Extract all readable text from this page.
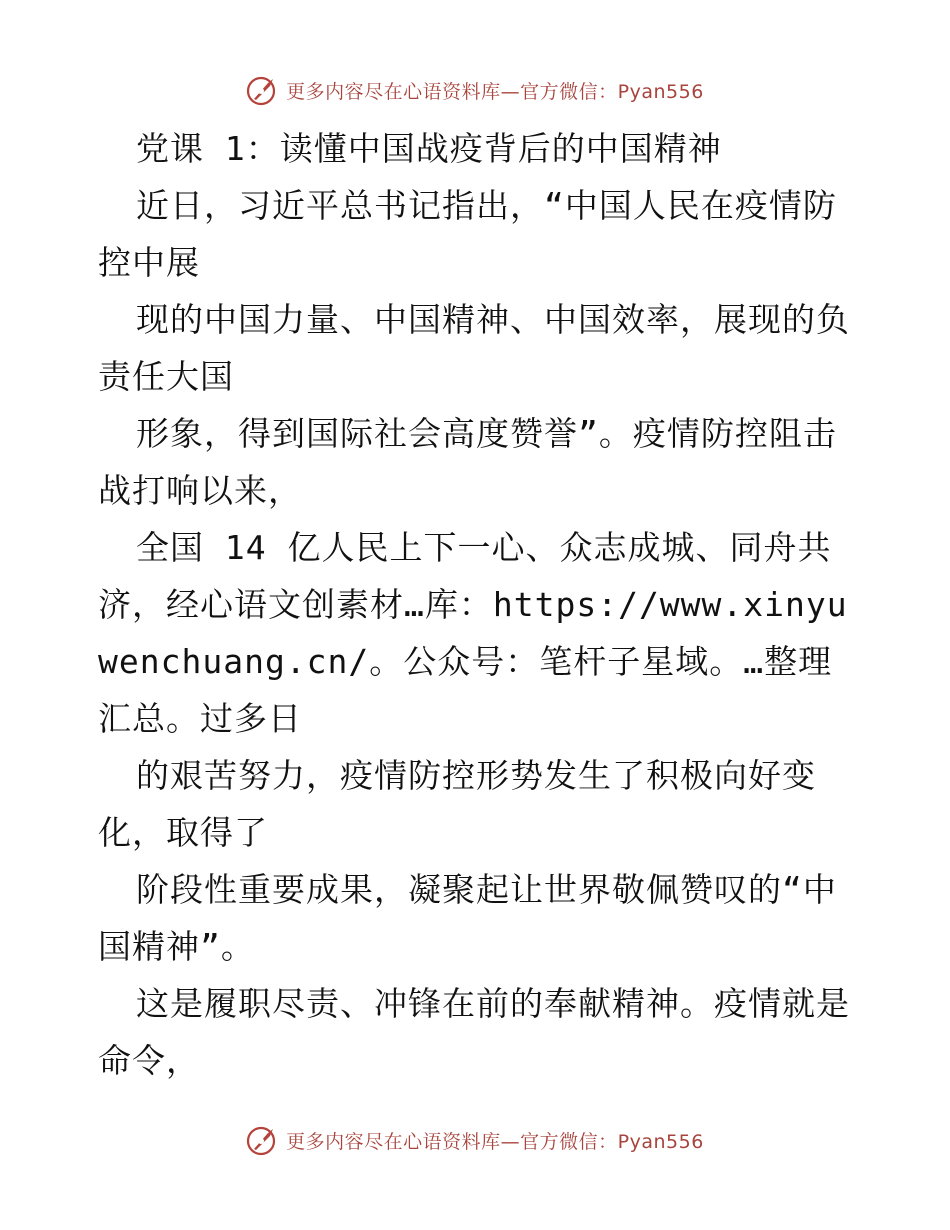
更多内容尽在心语资料库—官方微信：Pyan556
党课 1：读懂中国战疫背后的中国精神
近日，习近平总书记指出，“中国人民在疫情防控中展
现的中国力量、中国精神、中国效率，展现的负责任大国
形象，得到国际社会高度赞誉”。疫情防控阻击战打响以来，
全国 14 亿人民上下一心、众志成城、同舟共济，经心语文创素材…库：https://www.xinyuwenchuang.cn/。公众号：笔杆子星域。…整理汇总。过多日
的艰苦努力，疫情防控形势发生了积极向好变化，取得了
阶段性重要成果，凝聚起让世界敬佩赞叹的“中国精神”。
这是履职尽责、冲锋在前的奉献精神。疫情就是命令，
更多内容尽在心语资料库—官方微信：Pyan556
